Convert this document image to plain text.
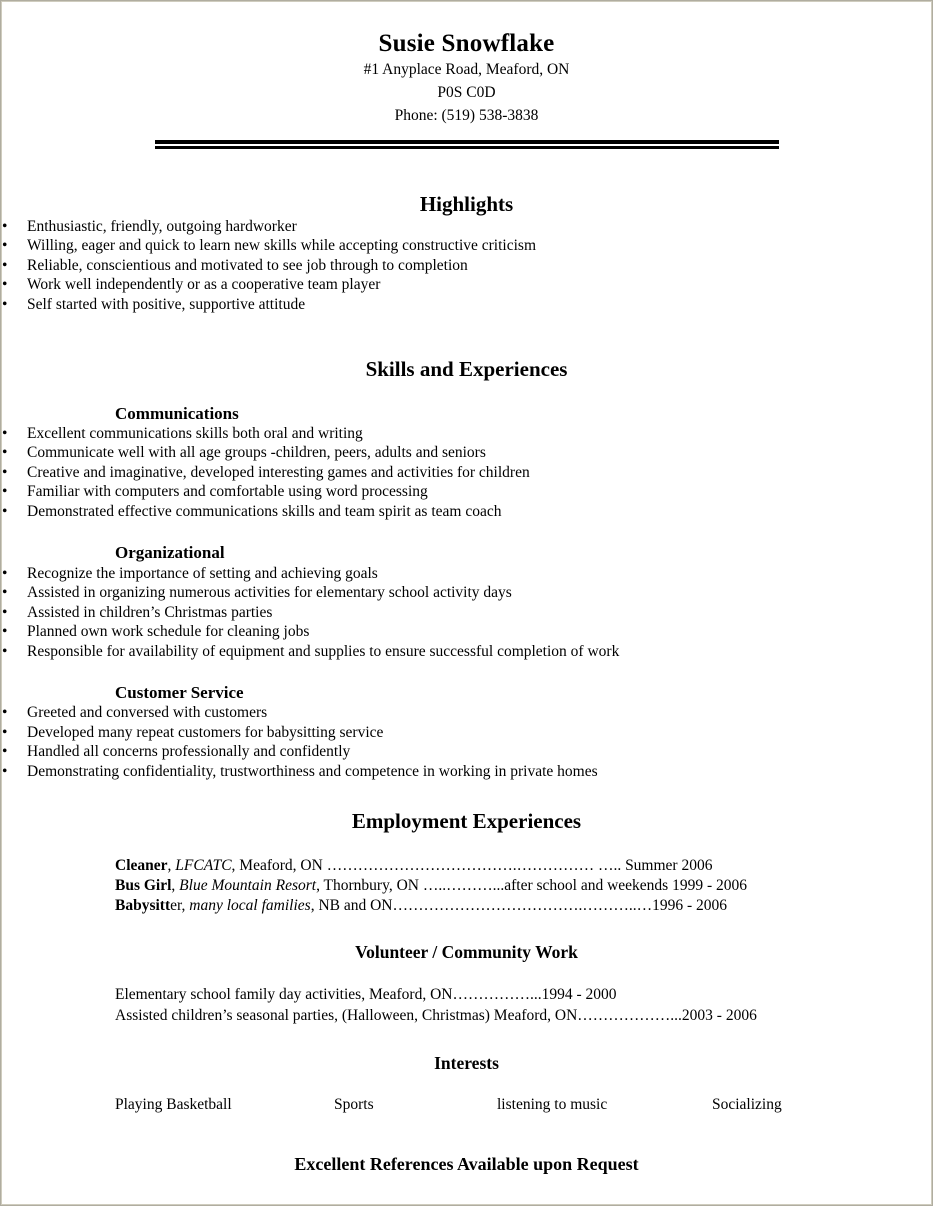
Susie Snowflake
#1 Anyplace Road, Meaford, ON
P0S C0D
Phone: (519) 538-3838
Highlights
• Enthusiastic, friendly, outgoing hardworker
• Willing, eager and quick to learn new skills while accepting constructive criticism
• Reliable, conscientious and motivated to see job through to completion
• Work well independently or as a cooperative team player
• Self started with positive, supportive attitude
Skills and Experiences
Communications
• Excellent communications skills both oral and writing
• Communicate well with all age groups -children, peers, adults and seniors
• Creative and imaginative, developed interesting games and activities for children
• Familiar with computers and comfortable using word processing
• Demonstrated effective communications skills and team spirit as team coach
Organizational
• Recognize the importance of setting and achieving goals
• Assisted in organizing numerous activities for elementary school activity days
• Assisted in children’s Christmas parties
• Planned own work schedule for cleaning jobs
• Responsible for availability of equipment and supplies to ensure successful completion of work
Customer Service
• Greeted and conversed with customers
• Developed many repeat customers for babysitting service
• Handled all concerns professionally and confidently
• Demonstrating confidentiality, trustworthiness and competence in working in private homes
Employment Experiences
Cleaner, LFCATC, Meaford, ON ……………………………….…………… ….. Summer 2006
Bus Girl, Blue Mountain Resort, Thornbury, ON …..………...after school and weekends 1999 - 2006
Babysitter, many local families, NB and ON……………………………….………..…1996 - 2006
Volunteer / Community Work
Elementary school family day activities, Meaford, ON……………...1994 - 2000
Assisted children’s seasonal parties, (Halloween, Christmas) Meaford, ON………………...2003 - 2006
Interests
Playing Basketball	Sports	listening to music	Socializing
Excellent References Available upon Request
